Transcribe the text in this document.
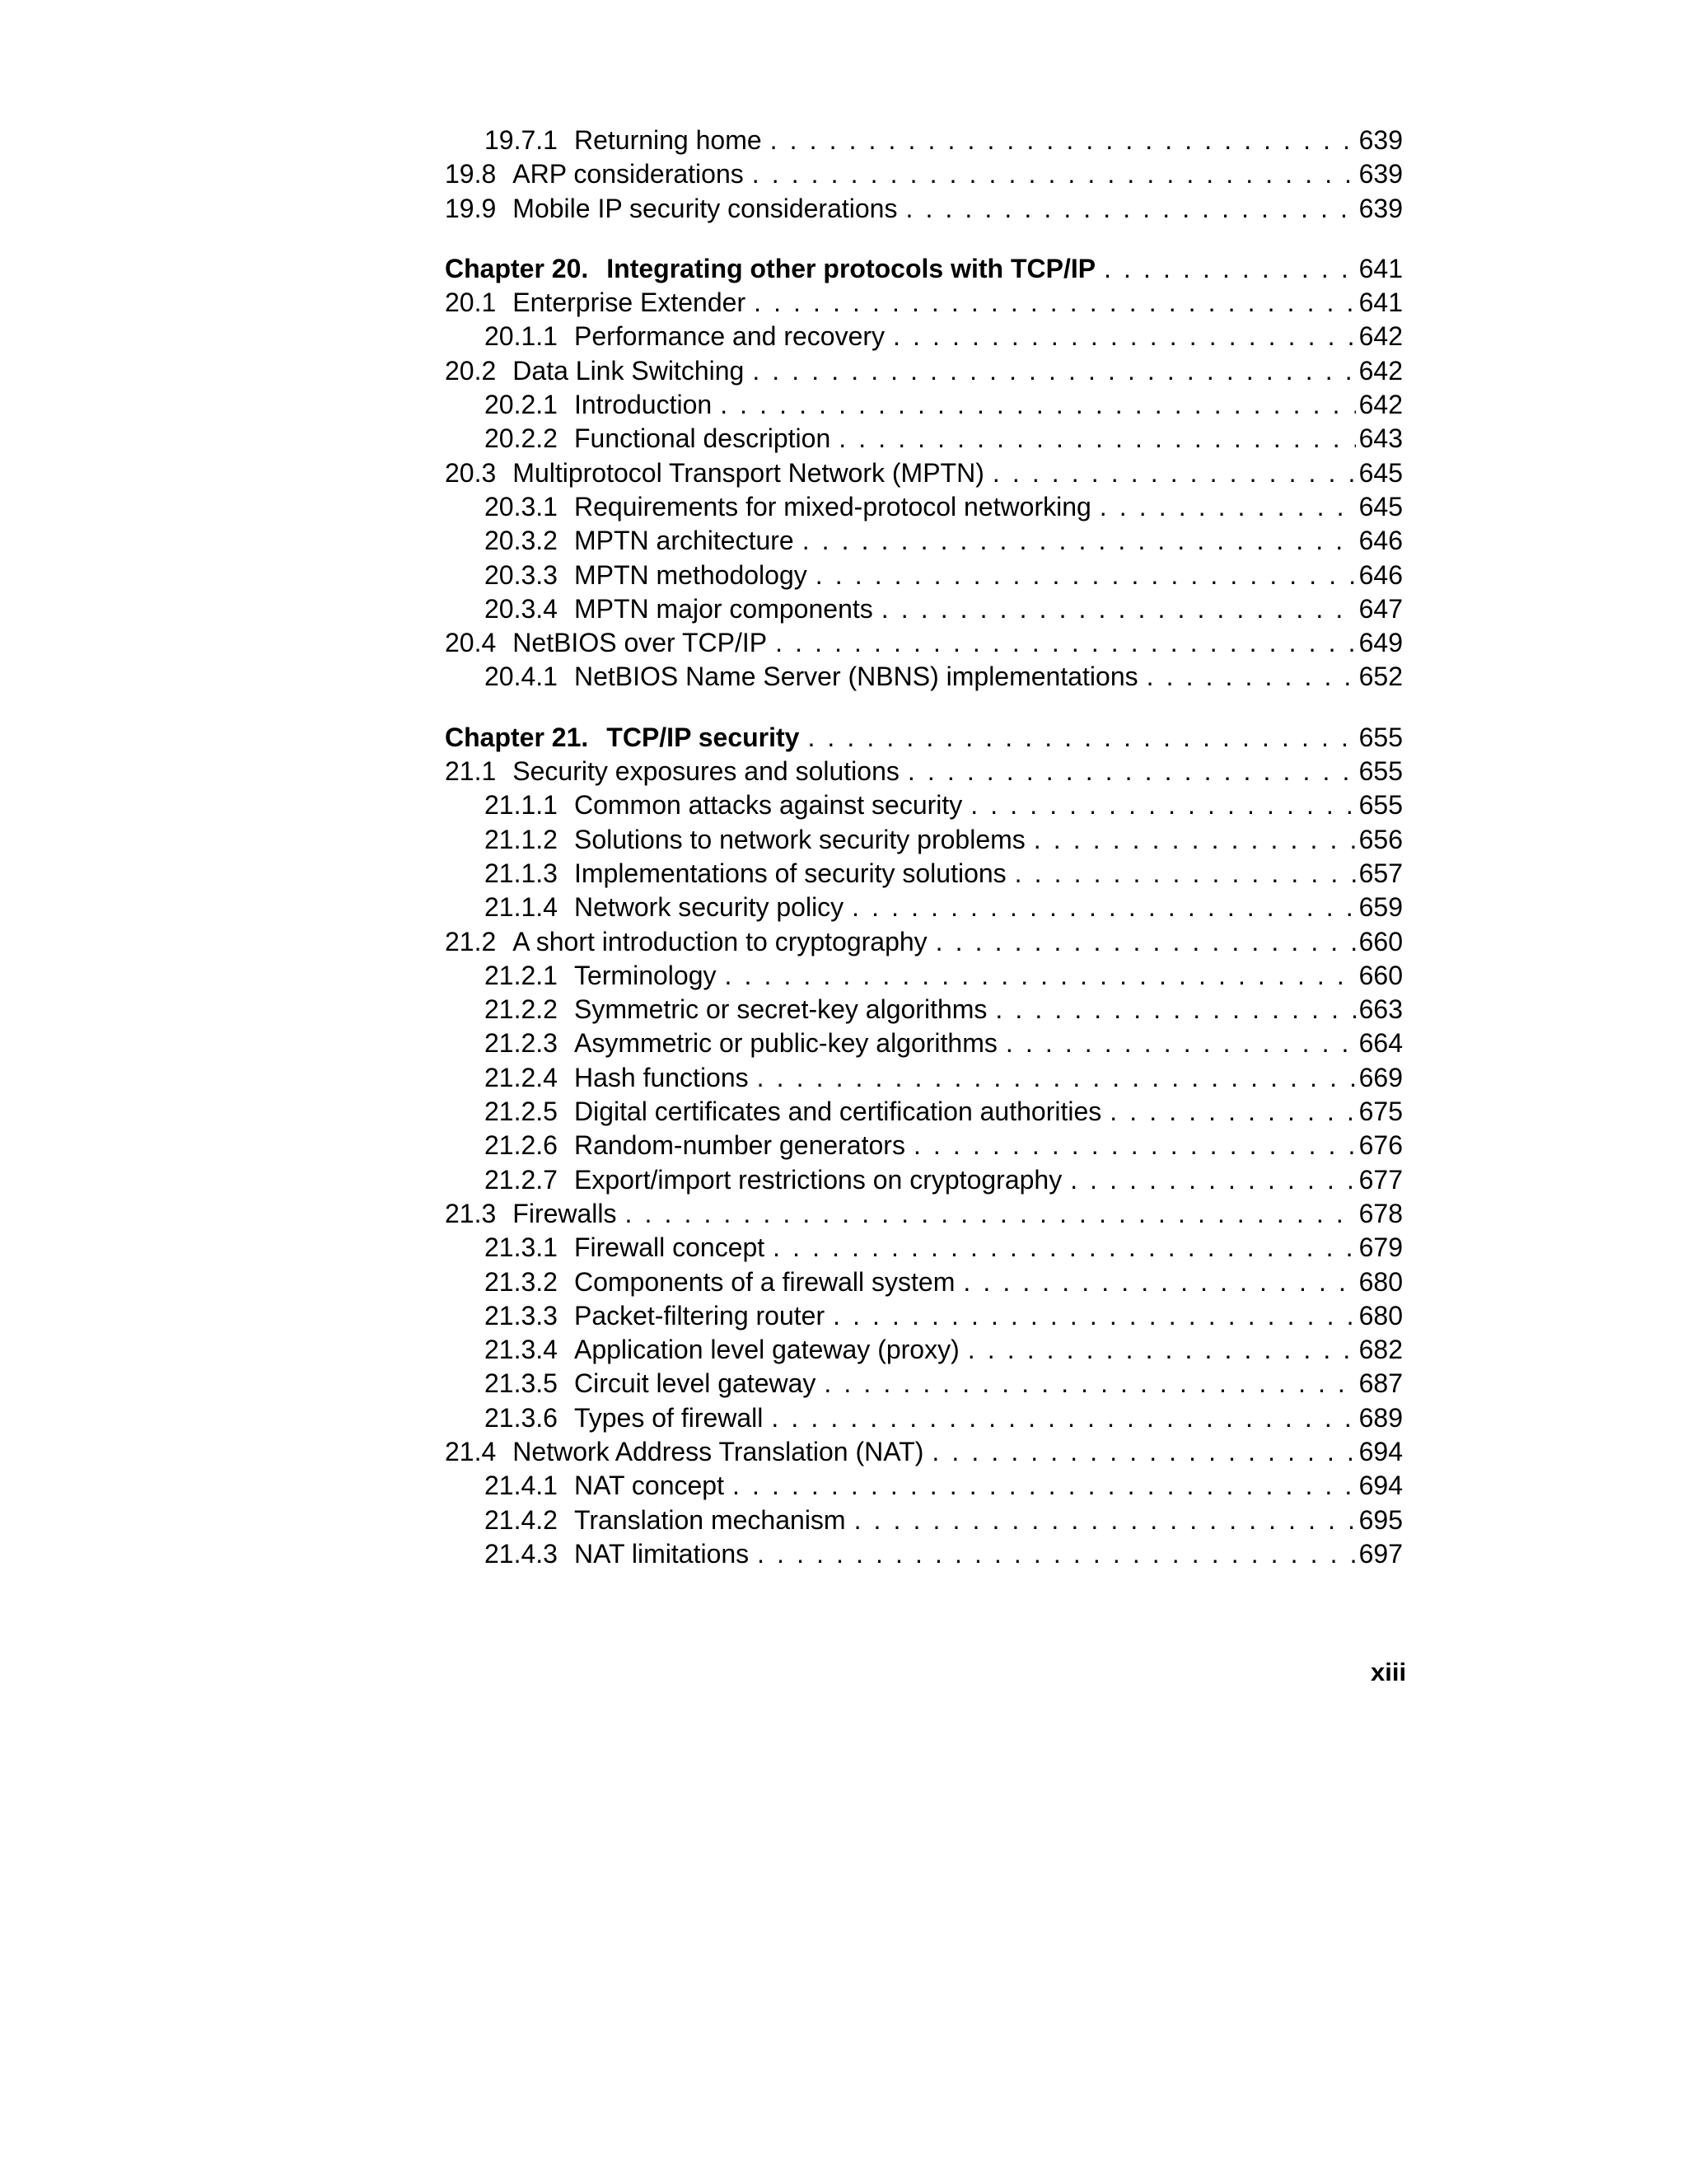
19.7.1 Returning home . . .	639
19.8 ARP considerations . . .	639
19.9 Mobile IP security considerations . . .	639
Chapter 20. Integrating other protocols with TCP/IP . . .	641
20.1 Enterprise Extender . . .	641
20.1.1 Performance and recovery . . .	642
20.2 Data Link Switching . . .	642
20.2.1 Introduction . . .	642
20.2.2 Functional description . . .	643
20.3 Multiprotocol Transport Network (MPTN) . . .	645
20.3.1 Requirements for mixed-protocol networking . . .	645
20.3.2 MPTN architecture . . .	646
20.3.3 MPTN methodology . . .	646
20.3.4 MPTN major components . . .	647
20.4 NetBIOS over TCP/IP . . .	649
20.4.1 NetBIOS Name Server (NBNS) implementations . . .	652
Chapter 21. TCP/IP security . . .	655
21.1 Security exposures and solutions . . .	655
21.1.1 Common attacks against security . . .	655
21.1.2 Solutions to network security problems . . .	656
21.1.3 Implementations of security solutions . . .	657
21.1.4 Network security policy . . .	659
21.2 A short introduction to cryptography . . .	660
21.2.1 Terminology . . .	660
21.2.2 Symmetric or secret-key algorithms . . .	663
21.2.3 Asymmetric or public-key algorithms . . .	664
21.2.4 Hash functions . . .	669
21.2.5 Digital certificates and certification authorities . . .	675
21.2.6 Random-number generators . . .	676
21.2.7 Export/import restrictions on cryptography . . .	677
21.3 Firewalls . . .	678
21.3.1 Firewall concept . . .	679
21.3.2 Components of a firewall system . . .	680
21.3.3 Packet-filtering router . . .	680
21.3.4 Application level gateway (proxy) . . .	682
21.3.5 Circuit level gateway . . .	687
21.3.6 Types of firewall . . .	689
21.4 Network Address Translation (NAT) . . .	694
21.4.1 NAT concept . . .	694
21.4.2 Translation mechanism . . .	695
21.4.3 NAT limitations . . .	697
xiii
